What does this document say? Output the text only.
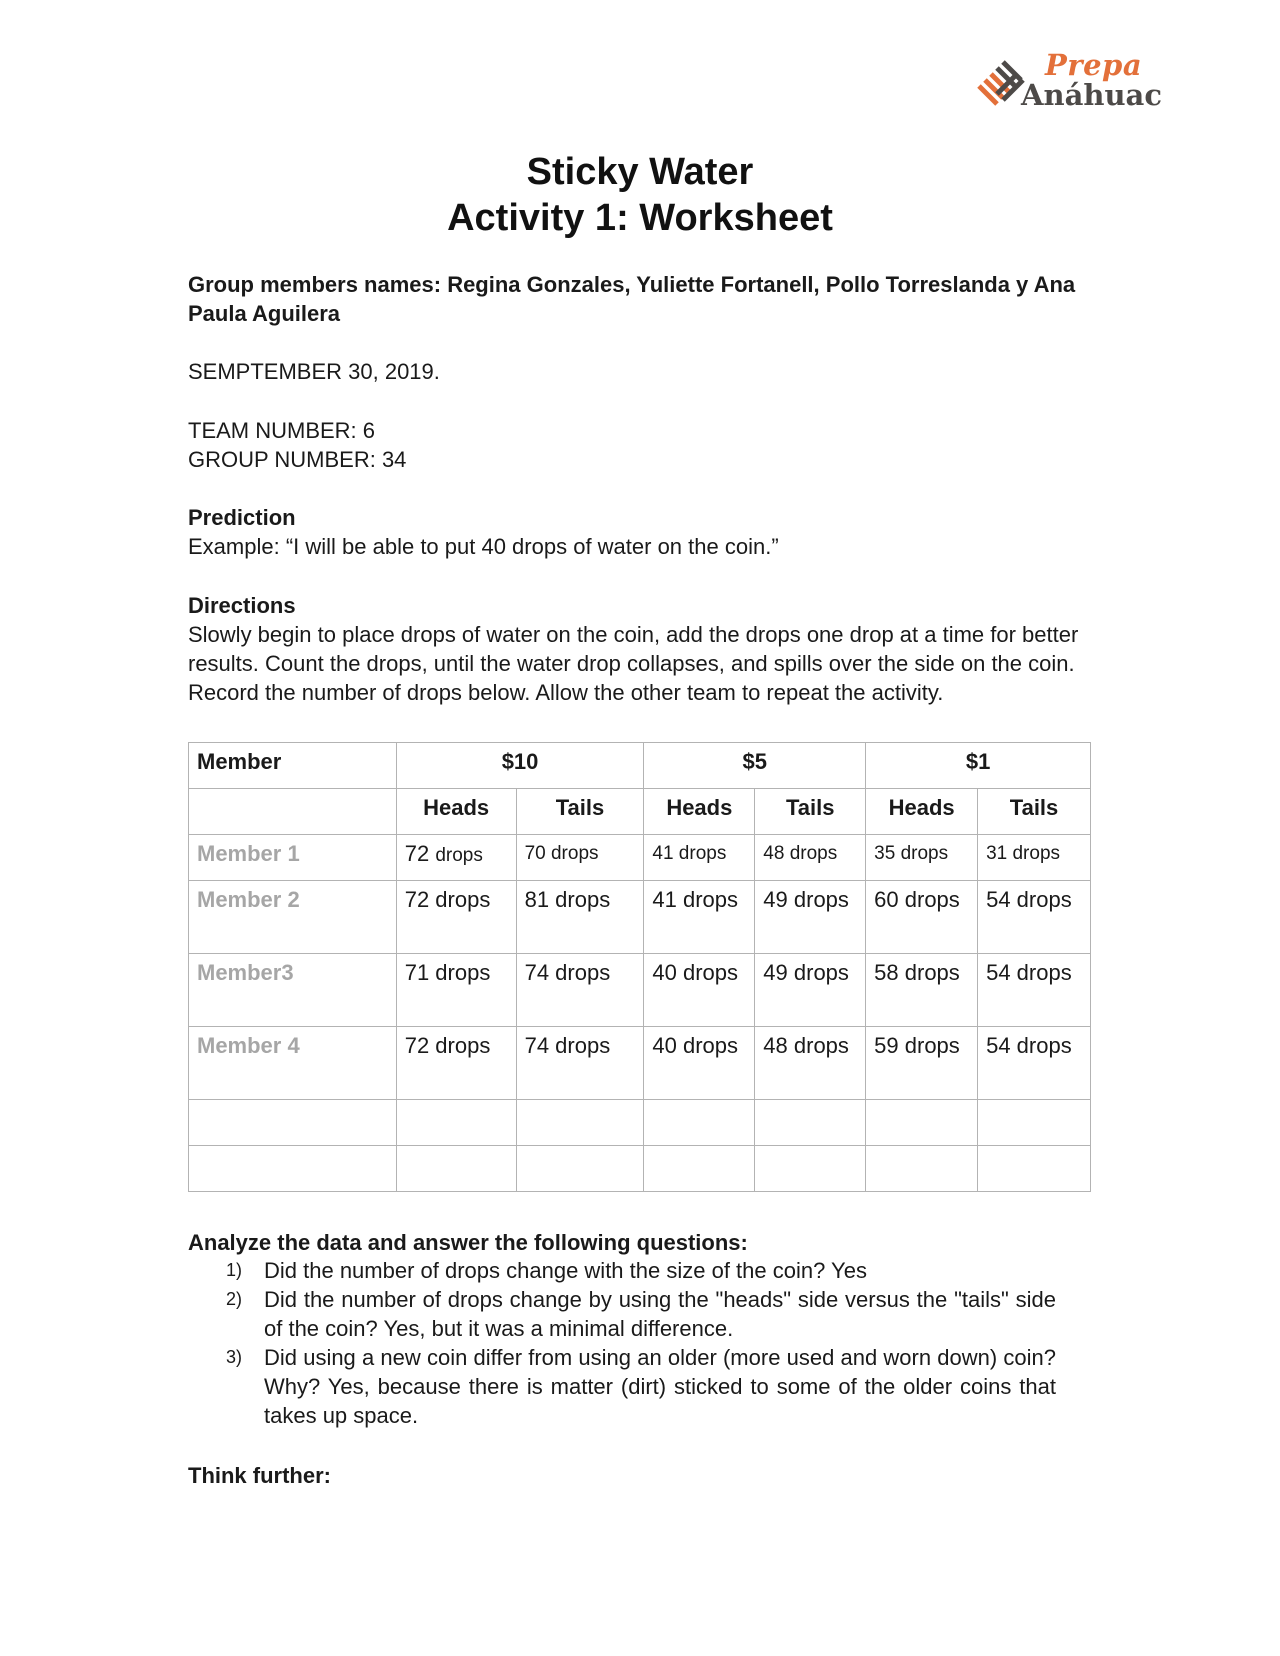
Prepa
Anáhuac
Sticky Water
Activity 1: Worksheet
Group members names: Regina Gonzales, Yuliette Fortanell, Pollo Torreslanda y Ana Paula Aguilera
SEMPTEMBER 30, 2019.
TEAM NUMBER: 6
GROUP NUMBER: 34
Prediction
Example: “I will be able to put 40 drops of water on the coin.”
Directions
Slowly begin to place drops of water on the coin, add the drops one drop at a time for better results. Count the drops, until the water drop collapses, and spills over the side on the coin. Record the number of drops below. Allow the other team to repeat the activity.
Member	$10		$5		$1	
	Heads	Tails	Heads	Tails	Heads	Tails
Member 1	72 drops	70 drops	41 drops	48 drops	35 drops	31 drops
Member 2	72 drops	81 drops	41 drops	49 drops	60 drops	54 drops
Member3	71 drops	74 drops	40 drops	49 drops	58 drops	54 drops
Member 4	72 drops	74 drops	40 drops	48 drops	59 drops	54 drops

Analyze the data and answer the following questions:
1) Did the number of drops change with the size of the coin? Yes
2) Did the number of drops change by using the "heads" side versus the "tails" side of the coin? Yes, but it was a minimal difference.
3) Did using a new coin differ from using an older (more used and worn down) coin? Why? Yes, because there is matter (dirt) sticked to some of the older coins that takes up space.
Think further:
